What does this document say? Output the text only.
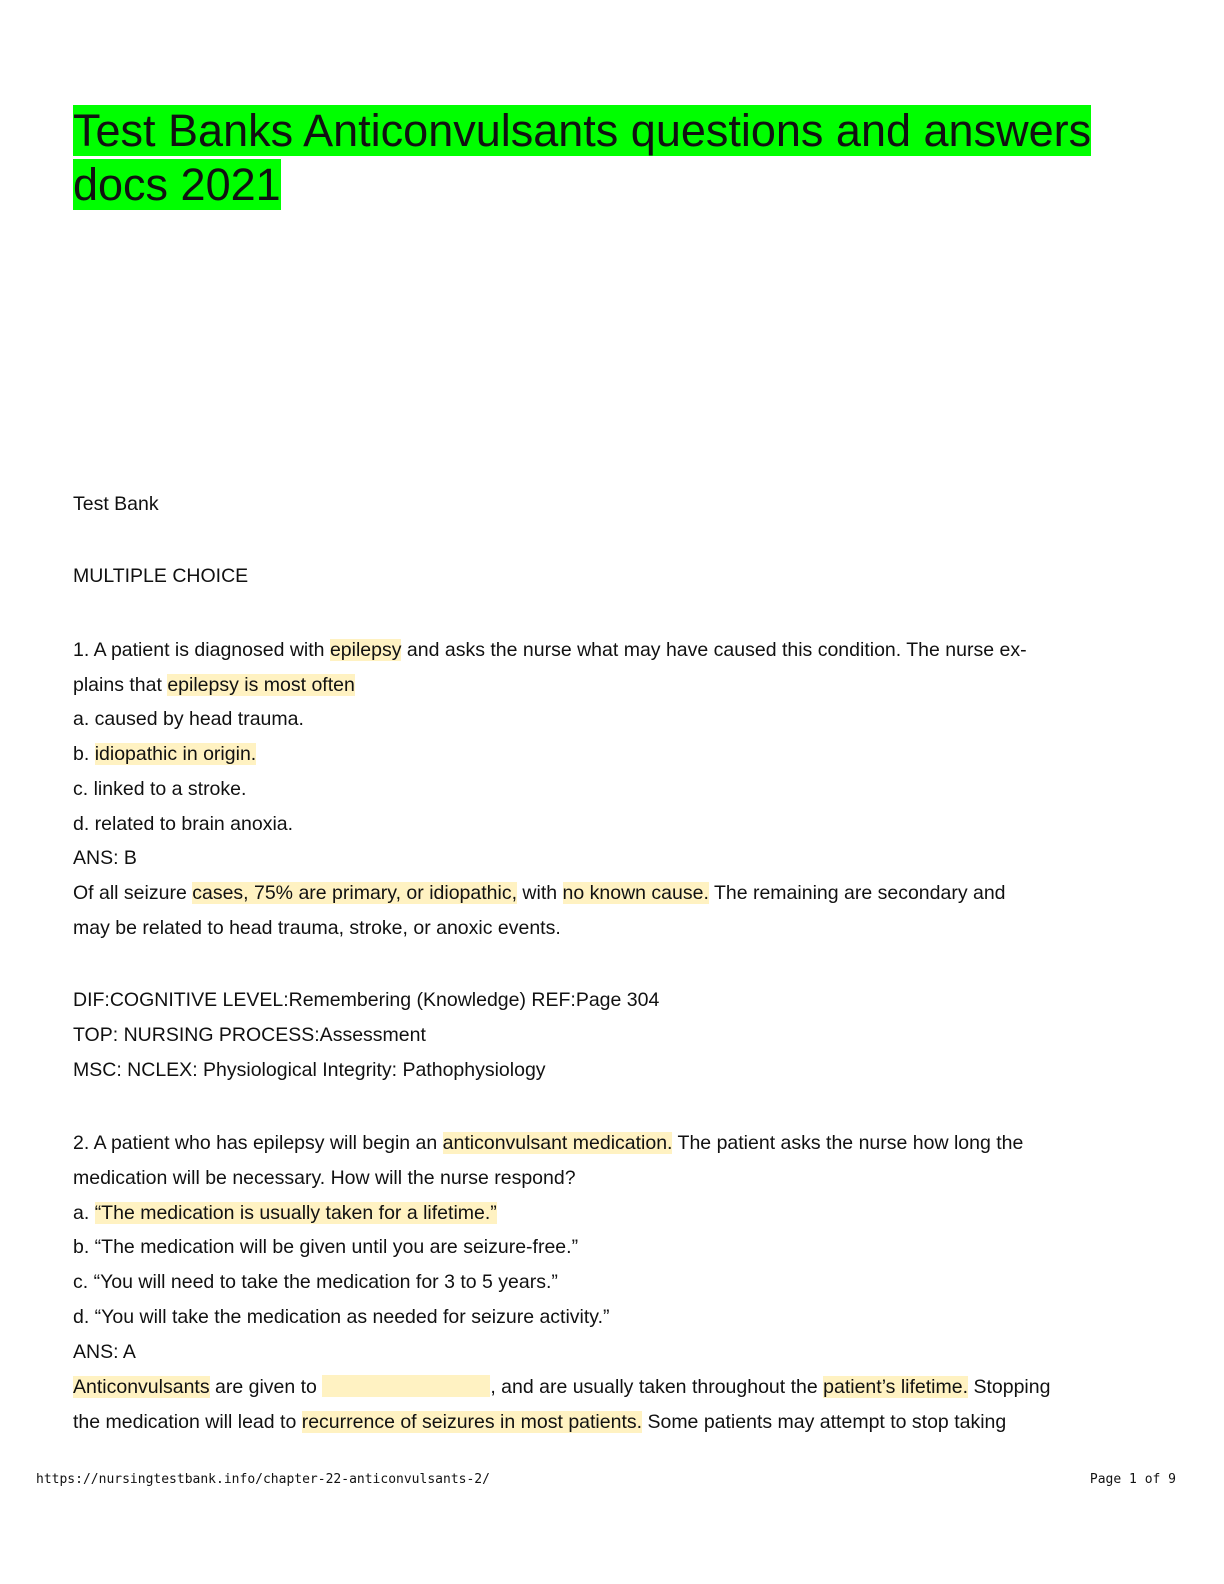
Test Banks Anticonvulsants questions and answers docs 2021

Test Bank

MULTIPLE CHOICE

1. A patient is diagnosed with epilepsy and asks the nurse what may have caused this condition. The nurse ex-

plains that epilepsy is most often

a. caused by head trauma.

b. idiopathic in origin.

c. linked to a stroke.

d. related to brain anoxia.

ANS: B

Of all seizure cases, 75% are primary, or idiopathic, with no known cause. The remaining are secondary and

may be related to head trauma, stroke, or anoxic events.

DIF:COGNITIVE LEVEL:Remembering (Knowledge) REF:Page 304

TOP: NURSING PROCESS:Assessment

MSC: NCLEX: Physiological Integrity: Pathophysiology

2. A patient who has epilepsy will begin an anticonvulsant medication. The patient asks the nurse how long the

medication will be necessary. How will the nurse respond?

a. “The medication is usually taken for a lifetime.”

b. “The medication will be given until you are seizure-free.”

c. “You will need to take the medication for 3 to 5 years.”

d. “You will take the medication as needed for seizure activity.”

ANS: A

Anticonvulsants are given to	, and are usually taken throughout the patient’s lifetime. Stopping

the medication will lead to recurrence of seizures in most patients. Some patients may attempt to stop taking

https://nursingtestbank.info/chapter-22-anticonvulsants-2/	Page 1 of 9
